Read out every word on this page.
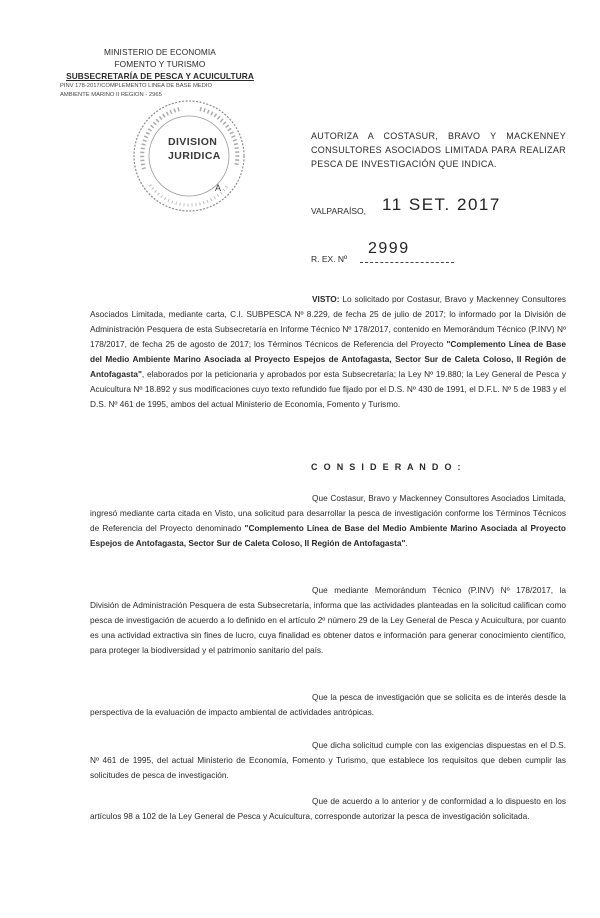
MINISTERIO DE ECONOMIA
FOMENTO Y TURISMO
SUBSECRETARÍA DE PESCA Y ACUICULTURA
PINV 178-2017/COMPLEMENTO LINEA DE BASE MEDIO
AMBIENTE MARINO II REGION - 2965
DIVISION
JURIDICA
A
AUTORIZA A COSTASUR, BRAVO Y MACKENNEY CONSULTORES ASOCIADOS LIMITADA PARA REALIZAR PESCA DE INVESTIGACIÓN QUE INDICA.
VALPARAÍSO, 11 SET. 2017
R. EX. Nº
2999
VISTO: Lo solicitado por Costasur, Bravo y Mackenney Consultores Asociados Limitada, mediante carta, C.I. SUBPESCA Nº 8.229, de fecha 25 de julio de 2017; lo informado por la División de Administración Pesquera de esta Subsecretaría en Informe Técnico Nº 178/2017, contenido en Memorándum Técnico (P.INV) Nº 178/2017, de fecha 25 de agosto de 2017; los Términos Técnicos de Referencia del Proyecto "Complemento Línea de Base del Medio Ambiente Marino Asociada al Proyecto Espejos de Antofagasta, Sector Sur de Caleta Coloso, II Región de Antofagasta", elaborados por la peticionaria y aprobados por esta Subsecretaría; la Ley Nº 19.880; la Ley General de Pesca y Acuicultura Nº 18.892 y sus modificaciones cuyo texto refundido fue fijado por el D.S. Nº 430 de 1991, el D.F.L. Nº 5 de 1983 y el D.S. Nº 461 de 1995, ambos del actual Ministerio de Economía, Fomento y Turismo.
C O N S I D E R A N D O :
Que Costasur, Bravo y Mackenney Consultores Asociados Limitada, ingresó mediante carta citada en Visto, una solicitud para desarrollar la pesca de investigación conforme los Términos Técnicos de Referencia del Proyecto denominado "Complemento Línea de Base del Medio Ambiente Marino Asociada al Proyecto Espejos de Antofagasta, Sector Sur de Caleta Coloso, II Región de Antofagasta".
Que mediante Memorándum Técnico (P.INV) Nº 178/2017, la División de Administración Pesquera de esta Subsecretaría, informa que las actividades planteadas en la solicitud califican como pesca de investigación de acuerdo a lo definido en el artículo 2º número 29 de la Ley General de Pesca y Acuicultura, por cuanto es una actividad extractiva sin fines de lucro, cuya finalidad es obtener datos e información para generar conocimiento científico, para proteger la biodiversidad y el patrimonio sanitario del país.
Que la pesca de investigación que se solicita es de interés desde la perspectiva de la evaluación de impacto ambiental de actividades antrópicas.
Que dicha solicitud cumple con las exigencias dispuestas en el D.S. Nº 461 de 1995, del actual Ministerio de Economía, Fomento y Turismo, que establece los requisitos que deben cumplir las solicitudes de pesca de investigación.
Que de acuerdo a lo anterior y de conformidad a lo dispuesto en los artículos 98 a 102 de la Ley General de Pesca y Acuicultura, corresponde autorizar la pesca de investigación solicitada.
